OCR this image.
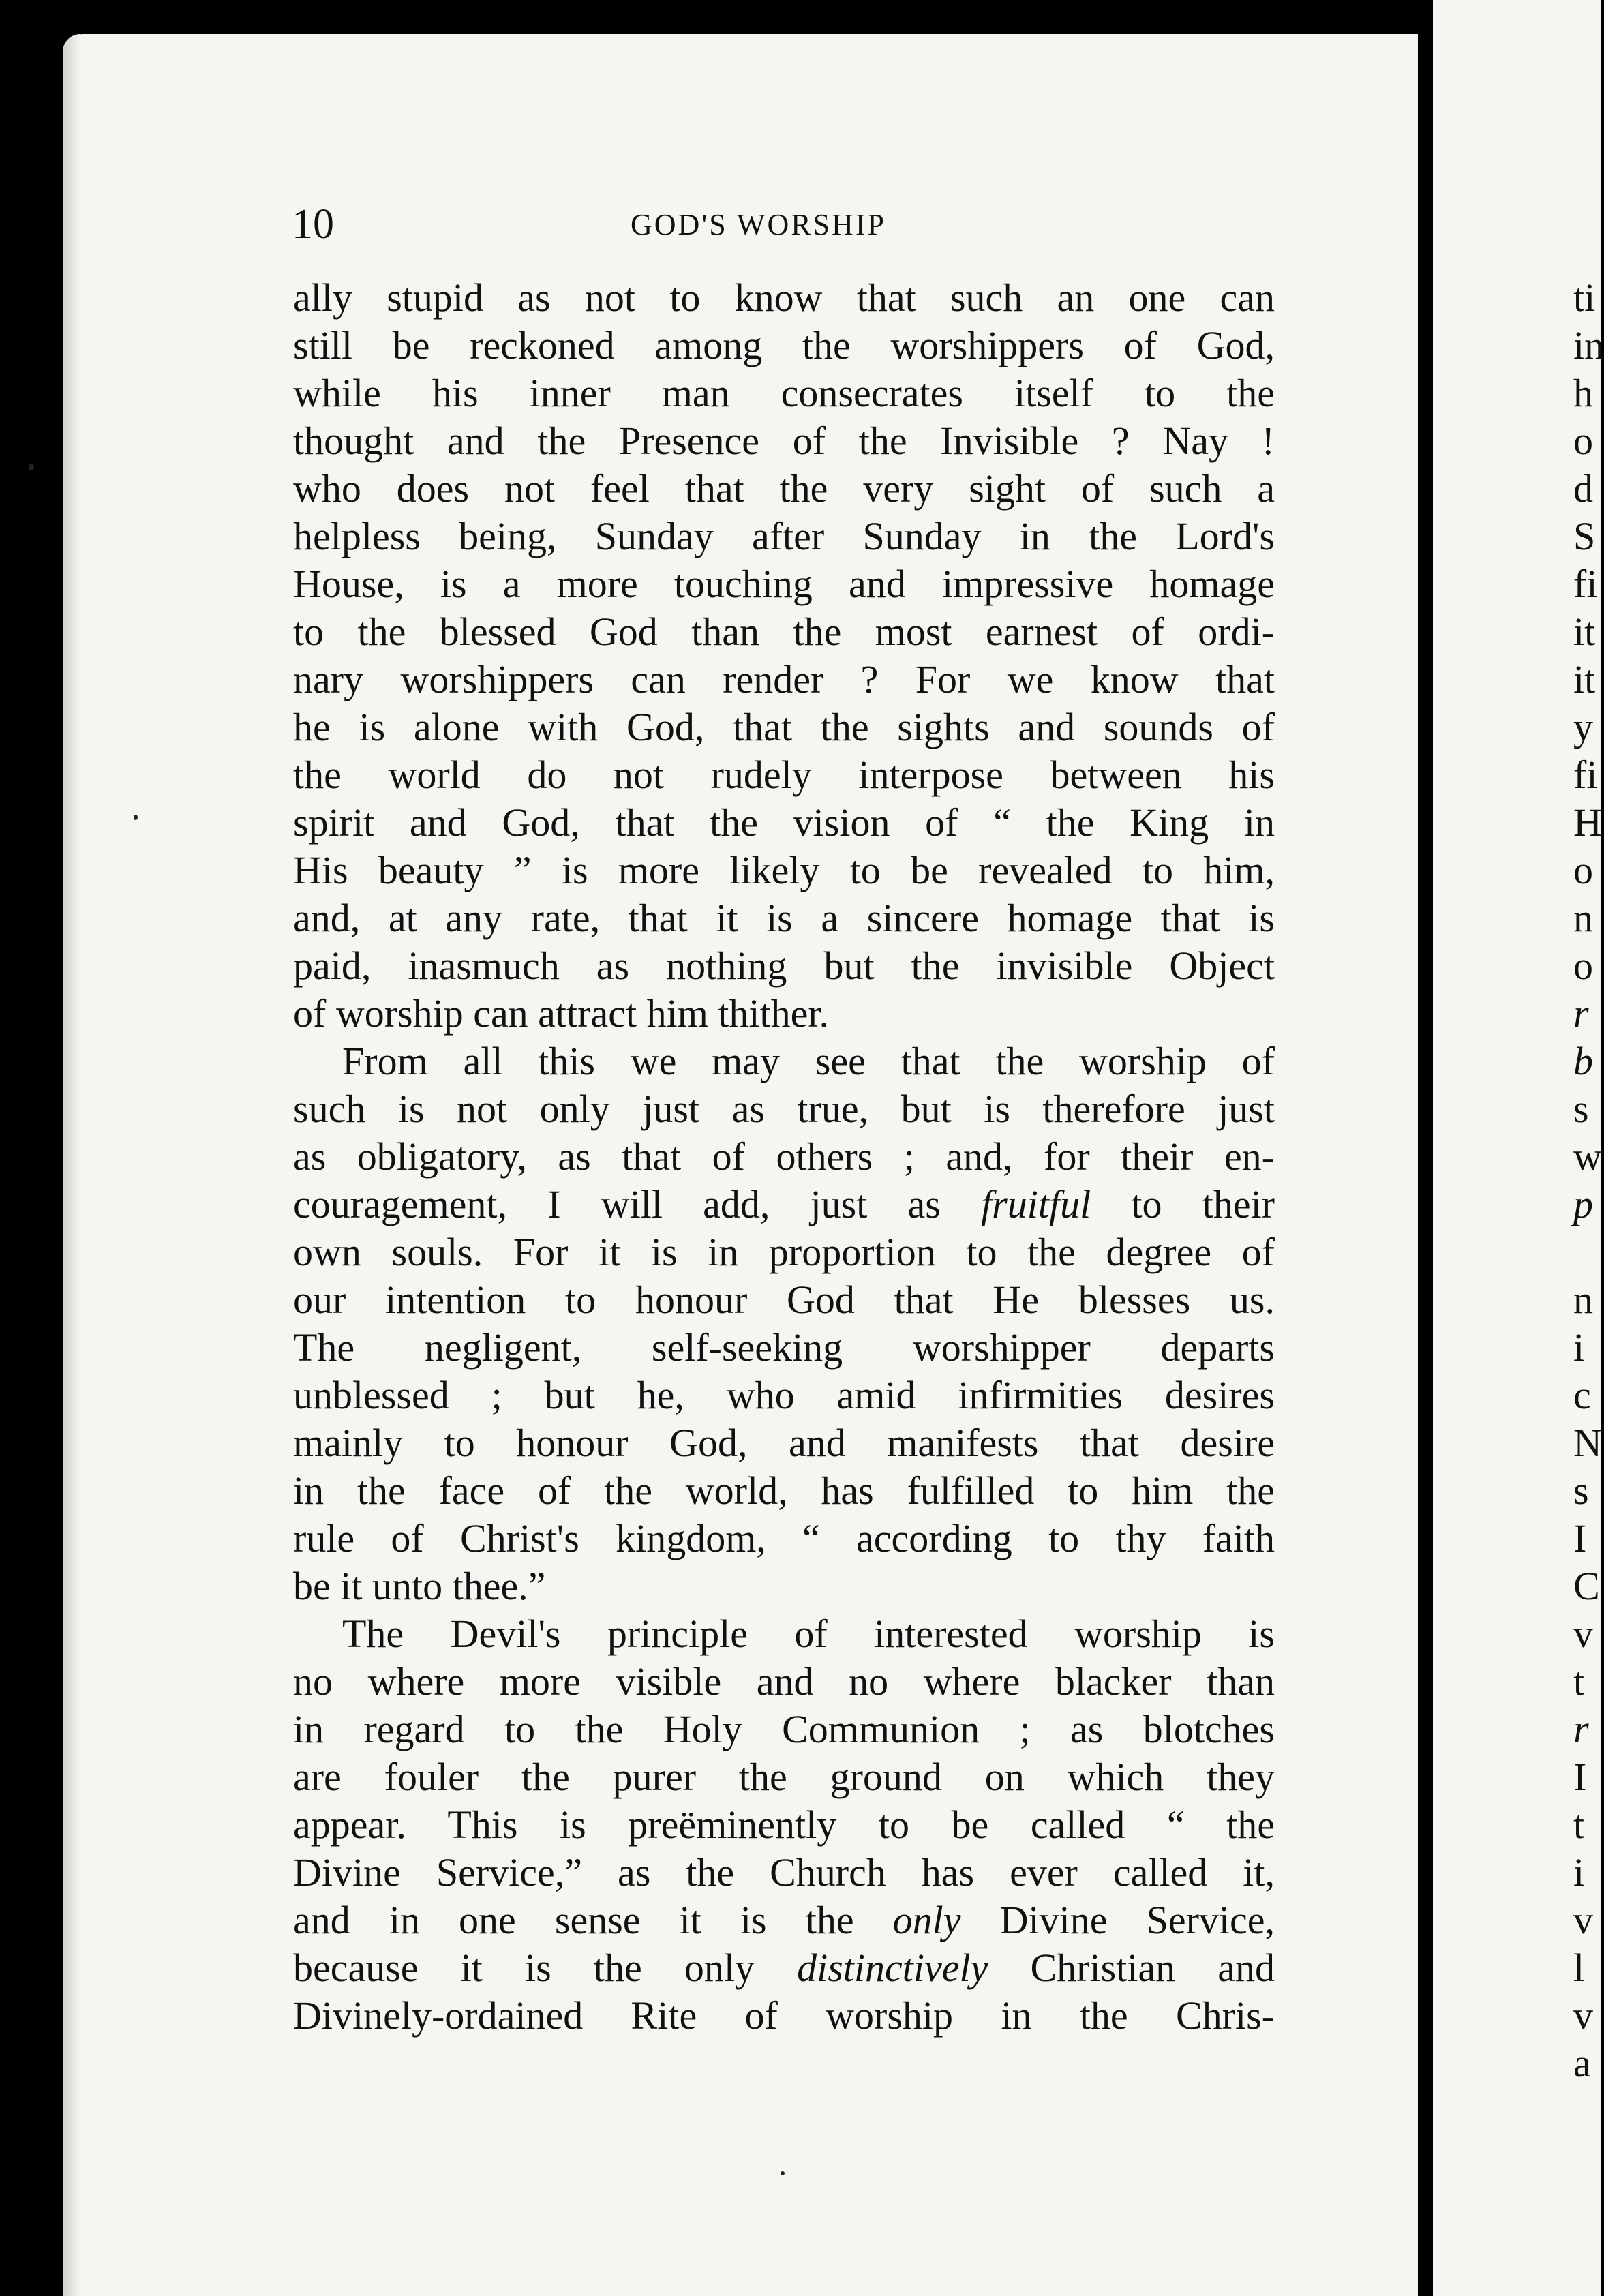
10	GOD'S WORSHIP
ally stupid as not to know that such an one can
still be reckoned among the worshippers of God,
while his inner man consecrates itself to the
thought and the Presence of the Invisible ? Nay !
who does not feel that the very sight of such a
helpless being, Sunday after Sunday in the Lord's
House, is a more touching and impressive homage
to the blessed God than the most earnest of ordi-
nary worshippers can render ? For we know that
he is alone with God, that the sights and sounds of
the world do not rudely interpose between his
spirit and God, that the vision of “ the King in
His beauty ” is more likely to be revealed to him,
and, at any rate, that it is a sincere homage that is
paid, inasmuch as nothing but the invisible Object
of worship can attract him thither.
From all this we may see that the worship of
such is not only just as true, but is therefore just
as obligatory, as that of others ; and, for their en-
couragement, I will add, just as fruitful to their
own souls. For it is in proportion to the degree of
our intention to honour God that He blesses us.
The negligent, self-seeking worshipper departs
unblessed ; but he, who amid infirmities desires
mainly to honour God, and manifests that desire
in the face of the world, has fulfilled to him the
rule of Christ's kingdom, “ according to thy faith
be it unto thee.”
The Devil's principle of interested worship is
no where more visible and no where blacker than
in regard to the Holy Communion ; as blotches
are fouler the purer the ground on which they
appear. This is preëminently to be called “ the
Divine Service,” as the Church has ever called it,
and in one sense it is the only Divine Service,
because it is the only distinctively Christian and
Divinely-ordained Rite of worship in the Chris-
ti
in
h
o
d
S
fi
it
it
y
fi
H
o
n
o
r
b
s
w
p
n
i
c
N
s
I
C
v
t
r
I
t
i
v
l
v
a
